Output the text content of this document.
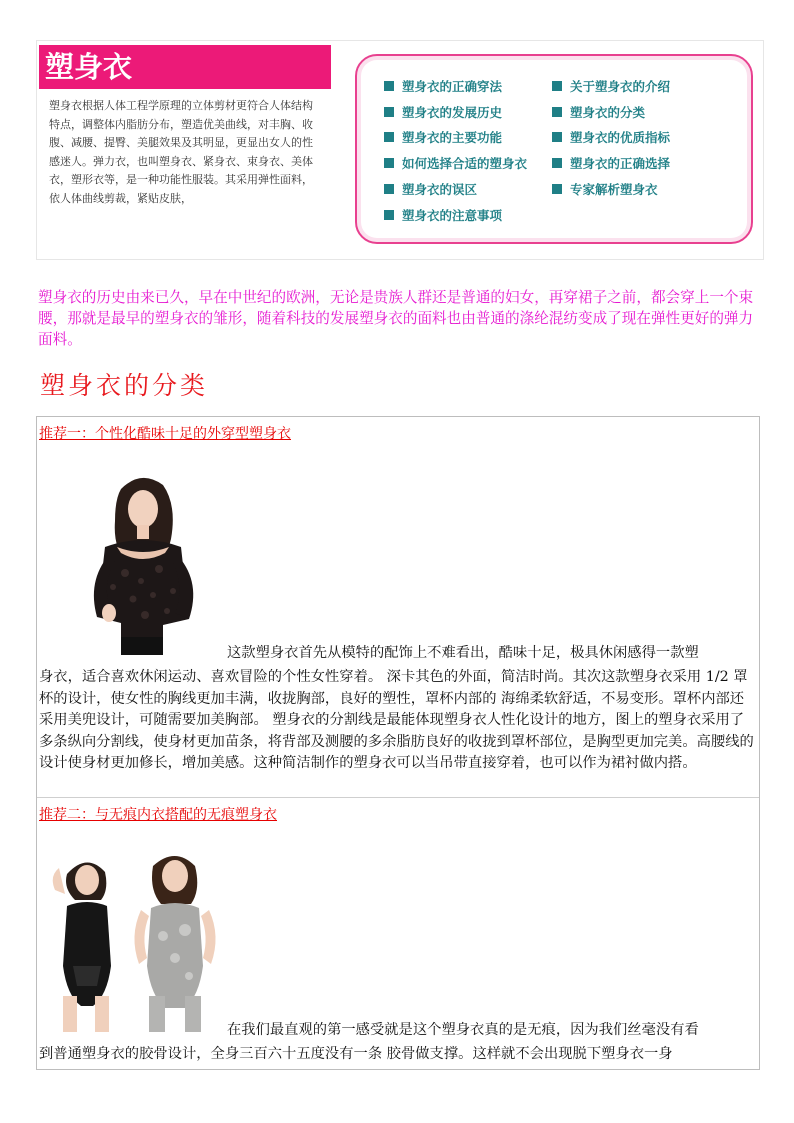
塑身衣

塑身衣根据人体工程学原理的立体剪材更符合人体结构特点，调整体内脂肪分布，塑造优美曲线，对丰胸、收腹、减腰、提臀、美腿效果及其明显，更显出女人的性感迷人。弹力衣，也叫塑身衣、紧身衣、束身衣、美体衣，塑形衣等，是一种功能性服装。其采用弹性面料，依人体曲线剪裁，紧贴皮肤，

塑身衣的正确穿法
塑身衣的发展历史
塑身衣的主要功能
如何选择合适的塑身衣
塑身衣的误区
塑身衣的注意事项
关于塑身衣的介绍
塑身衣的分类
塑身衣的优质指标
塑身衣的正确选择
专家解析塑身衣

塑身衣的历史由来已久，早在中世纪的欧洲，无论是贵族人群还是普通的妇女，再穿裙子之前，都会穿上一个束腰，那就是最早的塑身衣的雏形，随着科技的发展塑身衣的面料也由普通的涤纶混纺变成了现在弹性更好的弹力面料。

塑身衣的分类
推荐一：个性化酷味十足的外穿型塑身衣

这款塑身衣首先从模特的配饰上不难看出，酷味十足，极具休闲感得一款塑

身衣，适合喜欢休闲运动、喜欢冒险的个性女性穿着。 深卡其色的外面，简洁时尚。其次这款塑身衣采用 1/2 罩杯的设计，使女性的胸线更加丰满，收拢胸部，良好的塑性，罩杯内部的 海绵柔软舒适，不易变形。罩杯内部还采用美兜设计，可随需要加美胸部。 塑身衣的分割线是最能体现塑身衣人性化设计的地方，图上的塑身衣采用了多条纵向分割线，使身材更加苗条，将背部及测腰的多余脂肪良好的收拢到罩杯部位，是胸型更加完美。高腰线的设计使身材更加修长，增加美感。这种简洁制作的塑身衣可以当吊带直接穿着，也可以作为裙衬做内搭。

推荐二：与无痕内衣搭配的无痕塑身衣

在我们最直观的第一感受就是这个塑身衣真的是无痕，因为我们丝毫没有看

到普通塑身衣的胶骨设计，全身三百六十五度没有一条 胶骨做支撑。这样就不会出现脱下塑身衣一身
